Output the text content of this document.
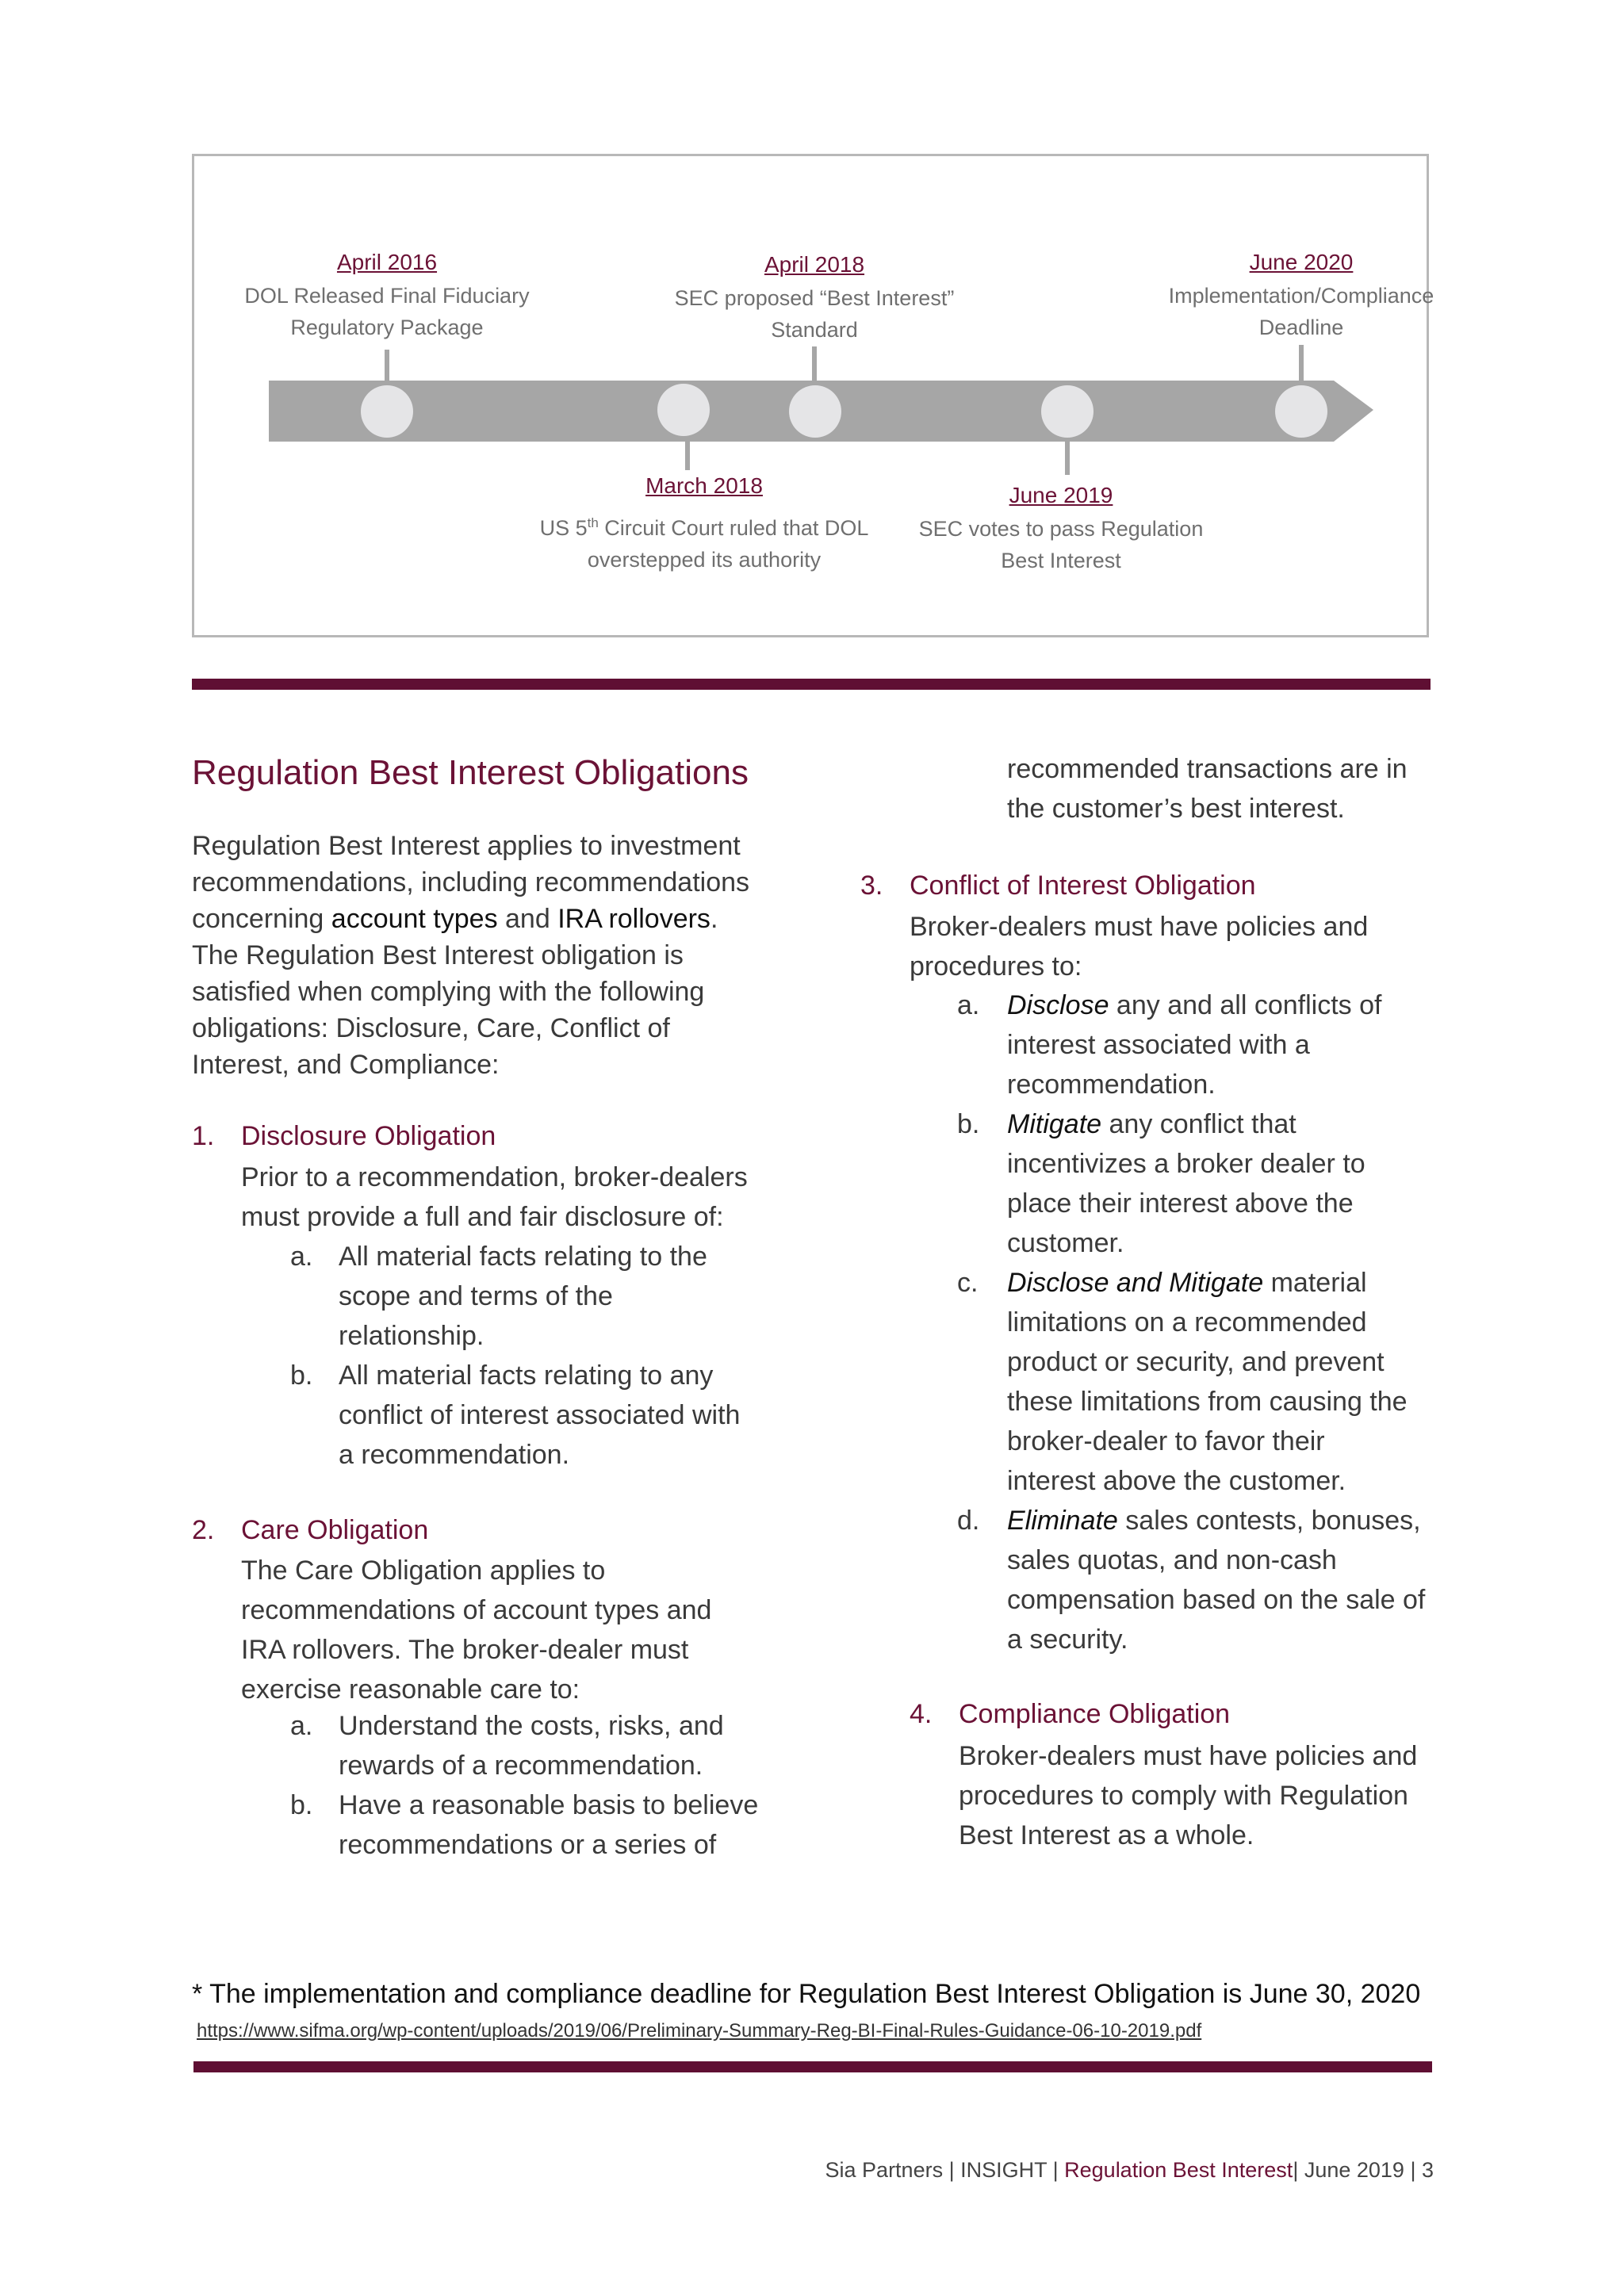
April 2016
DOL Released Final Fiduciary
Regulatory Package
April 2018
SEC proposed “Best Interest”
Standard
June 2020
Implementation/Compliance
Deadline
March 2018
US 5th Circuit Court ruled that DOL
overstepped its authority
June 2019
SEC votes to pass Regulation
Best Interest
Regulation Best Interest Obligations
Regulation Best Interest applies to investment
recommendations, including recommendations
concerning account types and IRA rollovers.
The Regulation Best Interest obligation is
satisfied when complying with the following
obligations: Disclosure, Care, Conflict of
Interest, and Compliance:
1. Disclosure Obligation
Prior to a recommendation, broker-dealers
must provide a full and fair disclosure of:
a. All material facts relating to the
scope and terms of the
relationship.
b. All material facts relating to any
conflict of interest associated with
a recommendation.
2. Care Obligation
The Care Obligation applies to
recommendations of account types and
IRA rollovers. The broker-dealer must
exercise reasonable care to:
a. Understand the costs, risks, and
rewards of a recommendation.
b. Have a reasonable basis to believe
recommendations or a series of
recommended transactions are in
the customer’s best interest.
3. Conflict of Interest Obligation
Broker-dealers must have policies and
procedures to:
a. Disclose any and all conflicts of
interest associated with a
recommendation.
b. Mitigate any conflict that
incentivizes a broker dealer to
place their interest above the
customer.
c. Disclose and Mitigate material
limitations on a recommended
product or security, and prevent
these limitations from causing the
broker-dealer to favor their
interest above the customer.
d. Eliminate sales contests, bonuses,
sales quotas, and non-cash
compensation based on the sale of
a security.
4. Compliance Obligation
Broker-dealers must have policies and
procedures to comply with Regulation
Best Interest as a whole.
* The implementation and compliance deadline for Regulation Best Interest Obligation is June 30, 2020
https://www.sifma.org/wp-content/uploads/2019/06/Preliminary-Summary-Reg-BI-Final-Rules-Guidance-06-10-2019.pdf
Sia Partners | INSIGHT | Regulation Best Interest| June 2019 | 3
